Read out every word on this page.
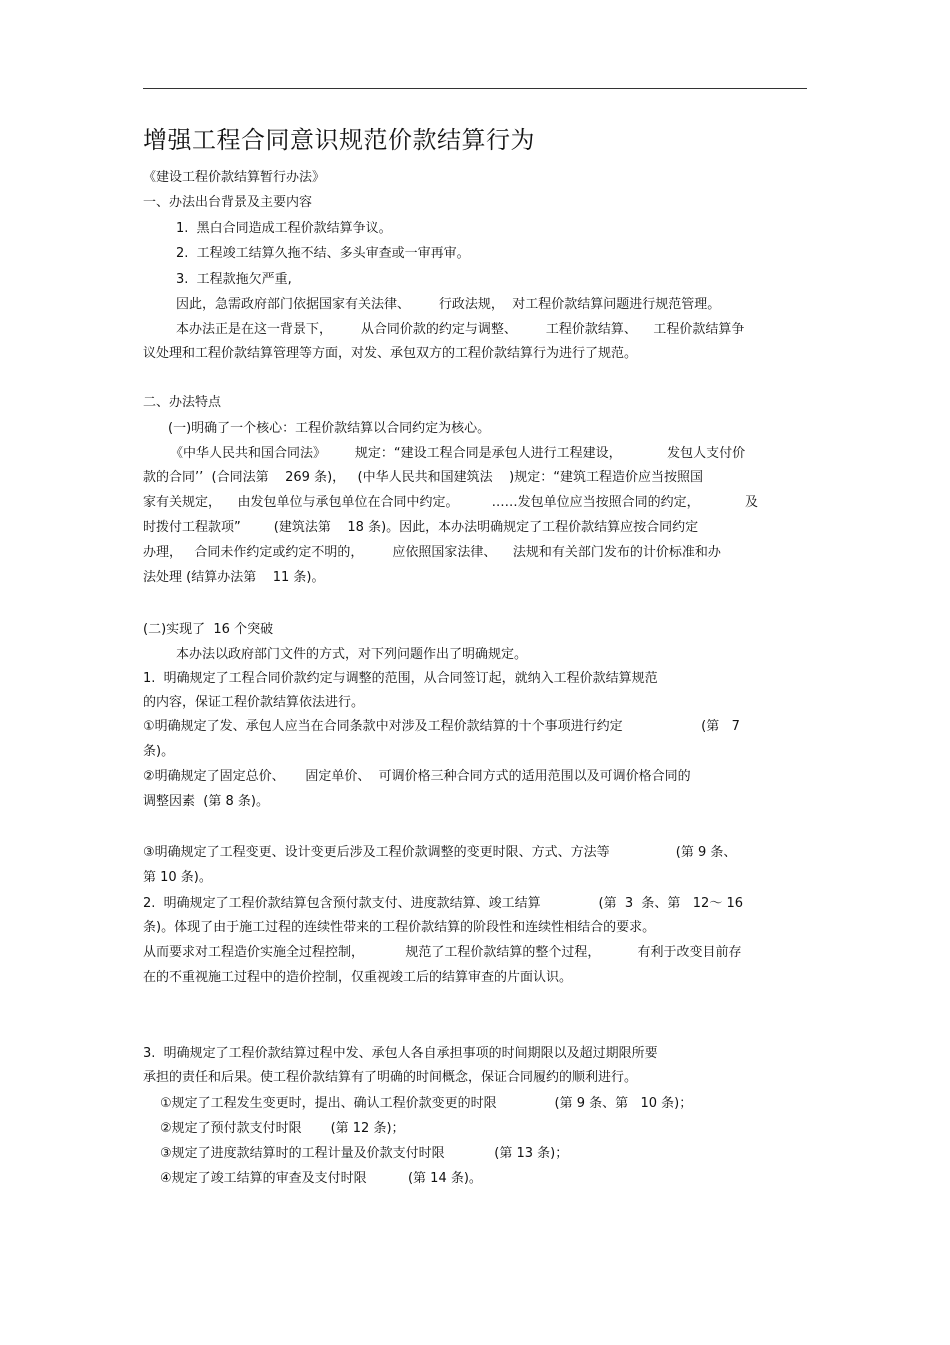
增强工程合同意识规范价款结算行为
《建设工程价款结算暂行办法》
一、办法出台背景及主要内容
1.  黑白合同造成工程价款结算争议。
2.  工程竣工结算久拖不结、多头审查或一审再审。
3.  工程款拖欠严重,
因此，急需政府部门依据国家有关法律、       行政法规，  对工程价款结算问题进行规范管理。
本办法正是在这一背景下，       从合同价款的约定与调整、       工程价款结算、    工程价款结算争
议处理和工程价款结算管理等方面，对发、承包双方的工程价款结算行为进行了规范。
二、办法特点
(一)明确了一个核心：工程价款结算以合同约定为核心。
《中华人民共和国合同法》       规定：“建设工程合同是承包人进行工程建设，           发包人支付价
款的合同’’  (合同法第    269 条)，   (中华人民共和国建筑法    )规定：“建筑工程造价应当按照国
家有关规定，    由发包单位与承包单位在合同中约定。        ……发包单位应当按照合同的约定，           及
时拨付工程款项”        (建筑法第    18 条)。因此，本办法明确规定了工程价款结算应按合同约定
办理，   合同未作约定或约定不明的，       应依照国家法律、    法规和有关部门发布的计价标准和办
法处理 (结算办法第    11 条)。
(二)实现了  16 个突破
本办法以政府部门文件的方式，对下列问题作出了明确规定。
1.  明确规定了工程合同价款约定与调整的范围，从合同签订起，就纳入工程价款结算规范
的内容，保证工程价款结算依法进行。
①明确规定了发、承包人应当在合同条款中对涉及工程价款结算的十个事项进行约定                   (第   7
条)。
②明确规定了固定总价、     固定单价、  可调价格三种合同方式的适用范围以及可调价格合同的
调整因素  (第 8 条)。
③明确规定了工程变更、设计变更后涉及工程价款调整的变更时限、方式、方法等                (第 9 条、
第 10 条)。
2.  明确规定了工程价款结算包含预付款支付、进度款结算、竣工结算              (第  3  条、第   12～ 16
条)。体现了由于施工过程的连续性带来的工程价款结算的阶段性和连续性相结合的要求。
从而要求对工程造价实施全过程控制，          规范了工程价款结算的整个过程，         有利于改变目前存
在的不重视施工过程中的造价控制，仅重视竣工后的结算审查的片面认识。
3.  明确规定了工程价款结算过程中发、承包人各自承担事项的时间期限以及超过期限所要
承担的责任和后果。使工程价款结算有了明确的时间概念，保证合同履约的顺利进行。
①规定了工程发生变更时，提出、确认工程价款变更的时限              (第 9 条、第   10 条)；
②规定了预付款支付时限       (第 12 条)；
③规定了进度款结算时的工程计量及价款支付时限            (第 13 条)；
④规定了竣工结算的审查及支付时限          (第 14 条)。
